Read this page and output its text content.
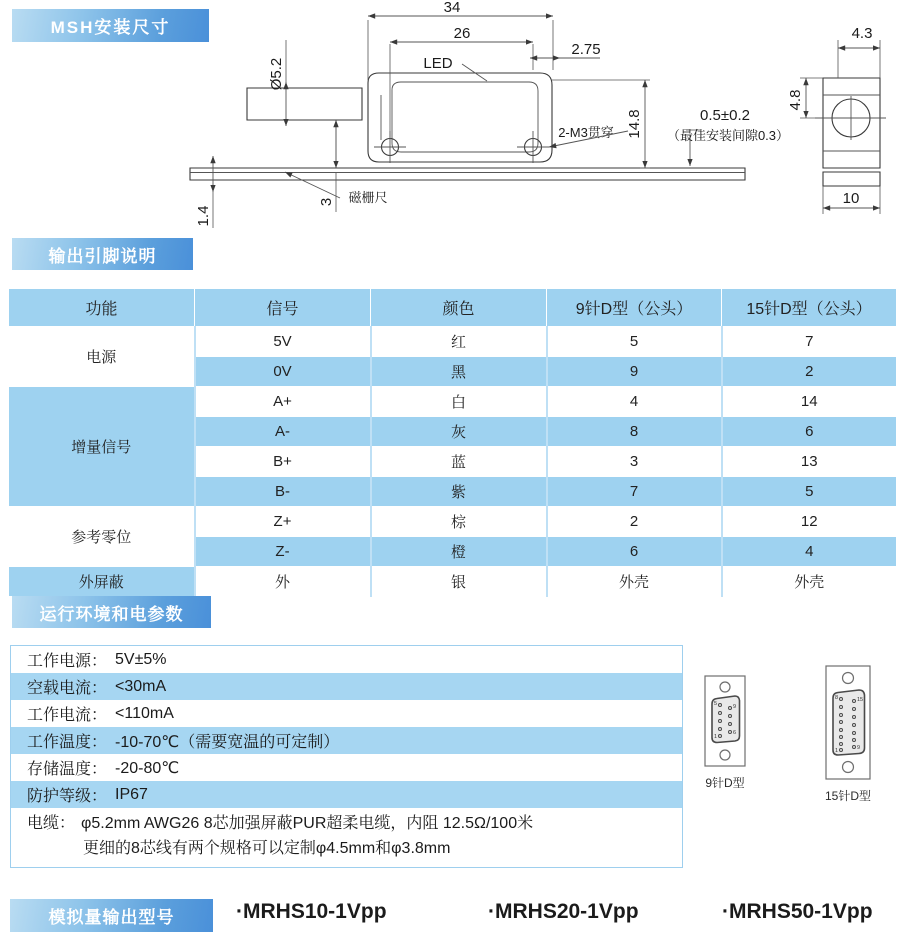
MSH安装尺寸
34
26
2.75
Ø5.2	LED
2-M3贯穿 14.8
3
1.4
磁栅尺
0.5±0.2
（最佳安装间隙0.3）
4.3
4.8
10
输出引脚说明
功能	信号	颜色	9针D型（公头）	15针D型（公头）
电源	5V	红	5	7
	0V	黑	9	2
增量信号	A+	白	4	14
	A-	灰	8	6
	B+	蓝	3	13
	B-	紫	7	5
参考零位	Z+	棕	2	12
	Z-	橙	6	4
外屏蔽	外	银	外壳	外壳
运行环境和电参数
工作电源： 5V±5%
空载电流： <30mA
工作电流： <110mA
工作温度： -10-70℃（需要宽温的可定制）
存储温度： -20-80℃
防护等级： IP67
电缆： φ5.2mm AWG26 8芯加强屏蔽PUR超柔电缆，内阻 12.5Ω/100米
更细的8芯线有两个规格可以定制φ4.5mm和φ3.8mm
5	9
1
6
9针D型
8	15
1	9
15针D型
模拟量输出型号	·MRHS10-1Vpp	·MRHS20-1Vpp	·MRHS50-1Vpp
